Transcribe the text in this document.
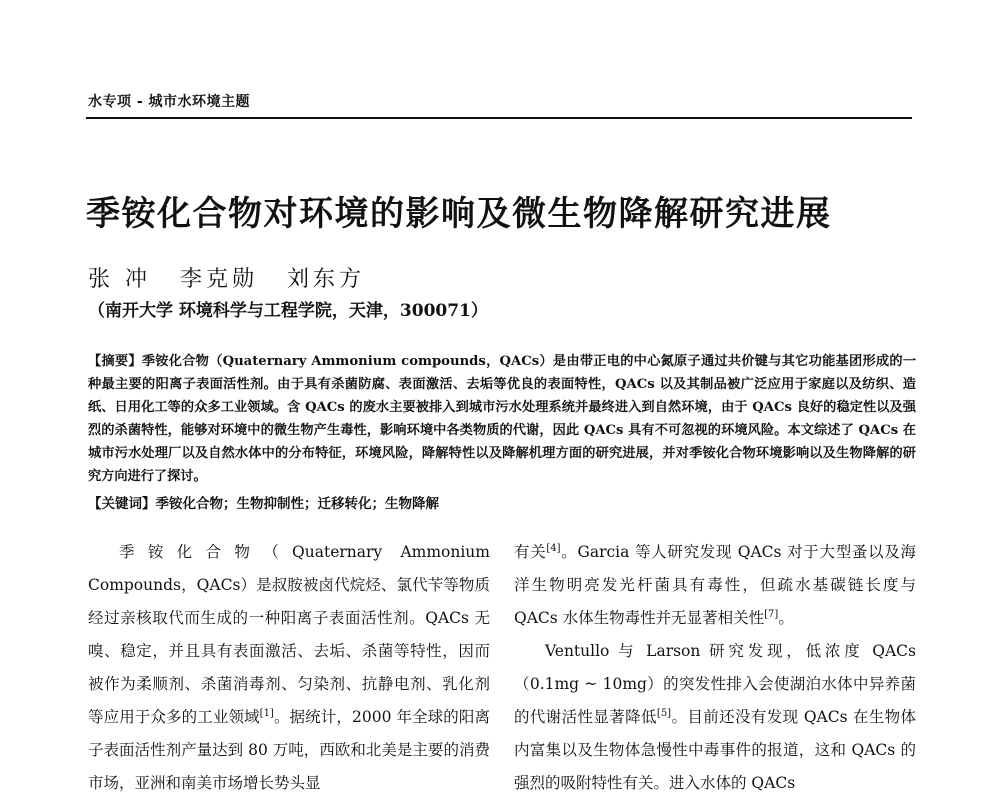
水专项 - 城市水环境主题
季铵化合物对环境的影响及微生物降解研究进展
张 冲 李克勋 刘东方
（南开大学 环境科学与工程学院，天津，300071）
【摘要】季铵化合物（Quaternary Ammonium compounds，QACs）是由带正电的中心氮原子通过共价键与其它功能基团形成的一种最主要的阳离子表面活性剂。由于具有杀菌防腐、表面激活、去垢等优良的表面特性，QACs 以及其制品被广泛应用于家庭以及纺织、造纸、日用化工等的众多工业领域。含 QACs 的废水主要被排入到城市污水处理系统并最终进入到自然环境，由于 QACs 良好的稳定性以及强烈的杀菌特性，能够对环境中的微生物产生毒性，影响环境中各类物质的代谢，因此 QACs 具有不可忽视的环境风险。本文综述了 QACs 在城市污水处理厂以及自然水体中的分布特征，环境风险，降解特性以及降解机理方面的研究进展，并对季铵化合物环境影响以及生物降解的研究方向进行了探讨。
【关键词】季铵化合物；生物抑制性；迁移转化；生物降解

季铵化合物（Quaternary Ammonium Compounds，QACs）是叔胺被卤代烷烃、氯代苄等物质经过亲核取代而生成的一种阳离子表面活性剂。QACs 无嗅、稳定，并且具有表面激活、去垢、杀菌等特性，因而被作为柔顺剂、杀菌消毒剂、匀染剂、抗静电剂、乳化剂等应用于众多的工业领域[1]。据统计，2000 年全球的阳离子表面活性剂产量达到 80 万吨，西欧和北美是主要的消费市场，亚洲和南美市场增长势头显

有关[4]。Garcia 等人研究发现 QACs 对于大型蚤以及海洋生物明亮发光杆菌具有毒性，但疏水基碳链长度与 QACs 水体生物毒性并无显著相关性[7]。

Ventullo 与 Larson 研究发现，低浓度 QACs（0.1mg ~ 10mg）的突发性排入会使湖泊水体中异养菌的代谢活性显著降低[5]。目前还没有发现 QACs 在生物体内富集以及生物体急慢性中毒事件的报道，这和 QACs 的强烈的吸附特性有关。进入水体的 QACs
